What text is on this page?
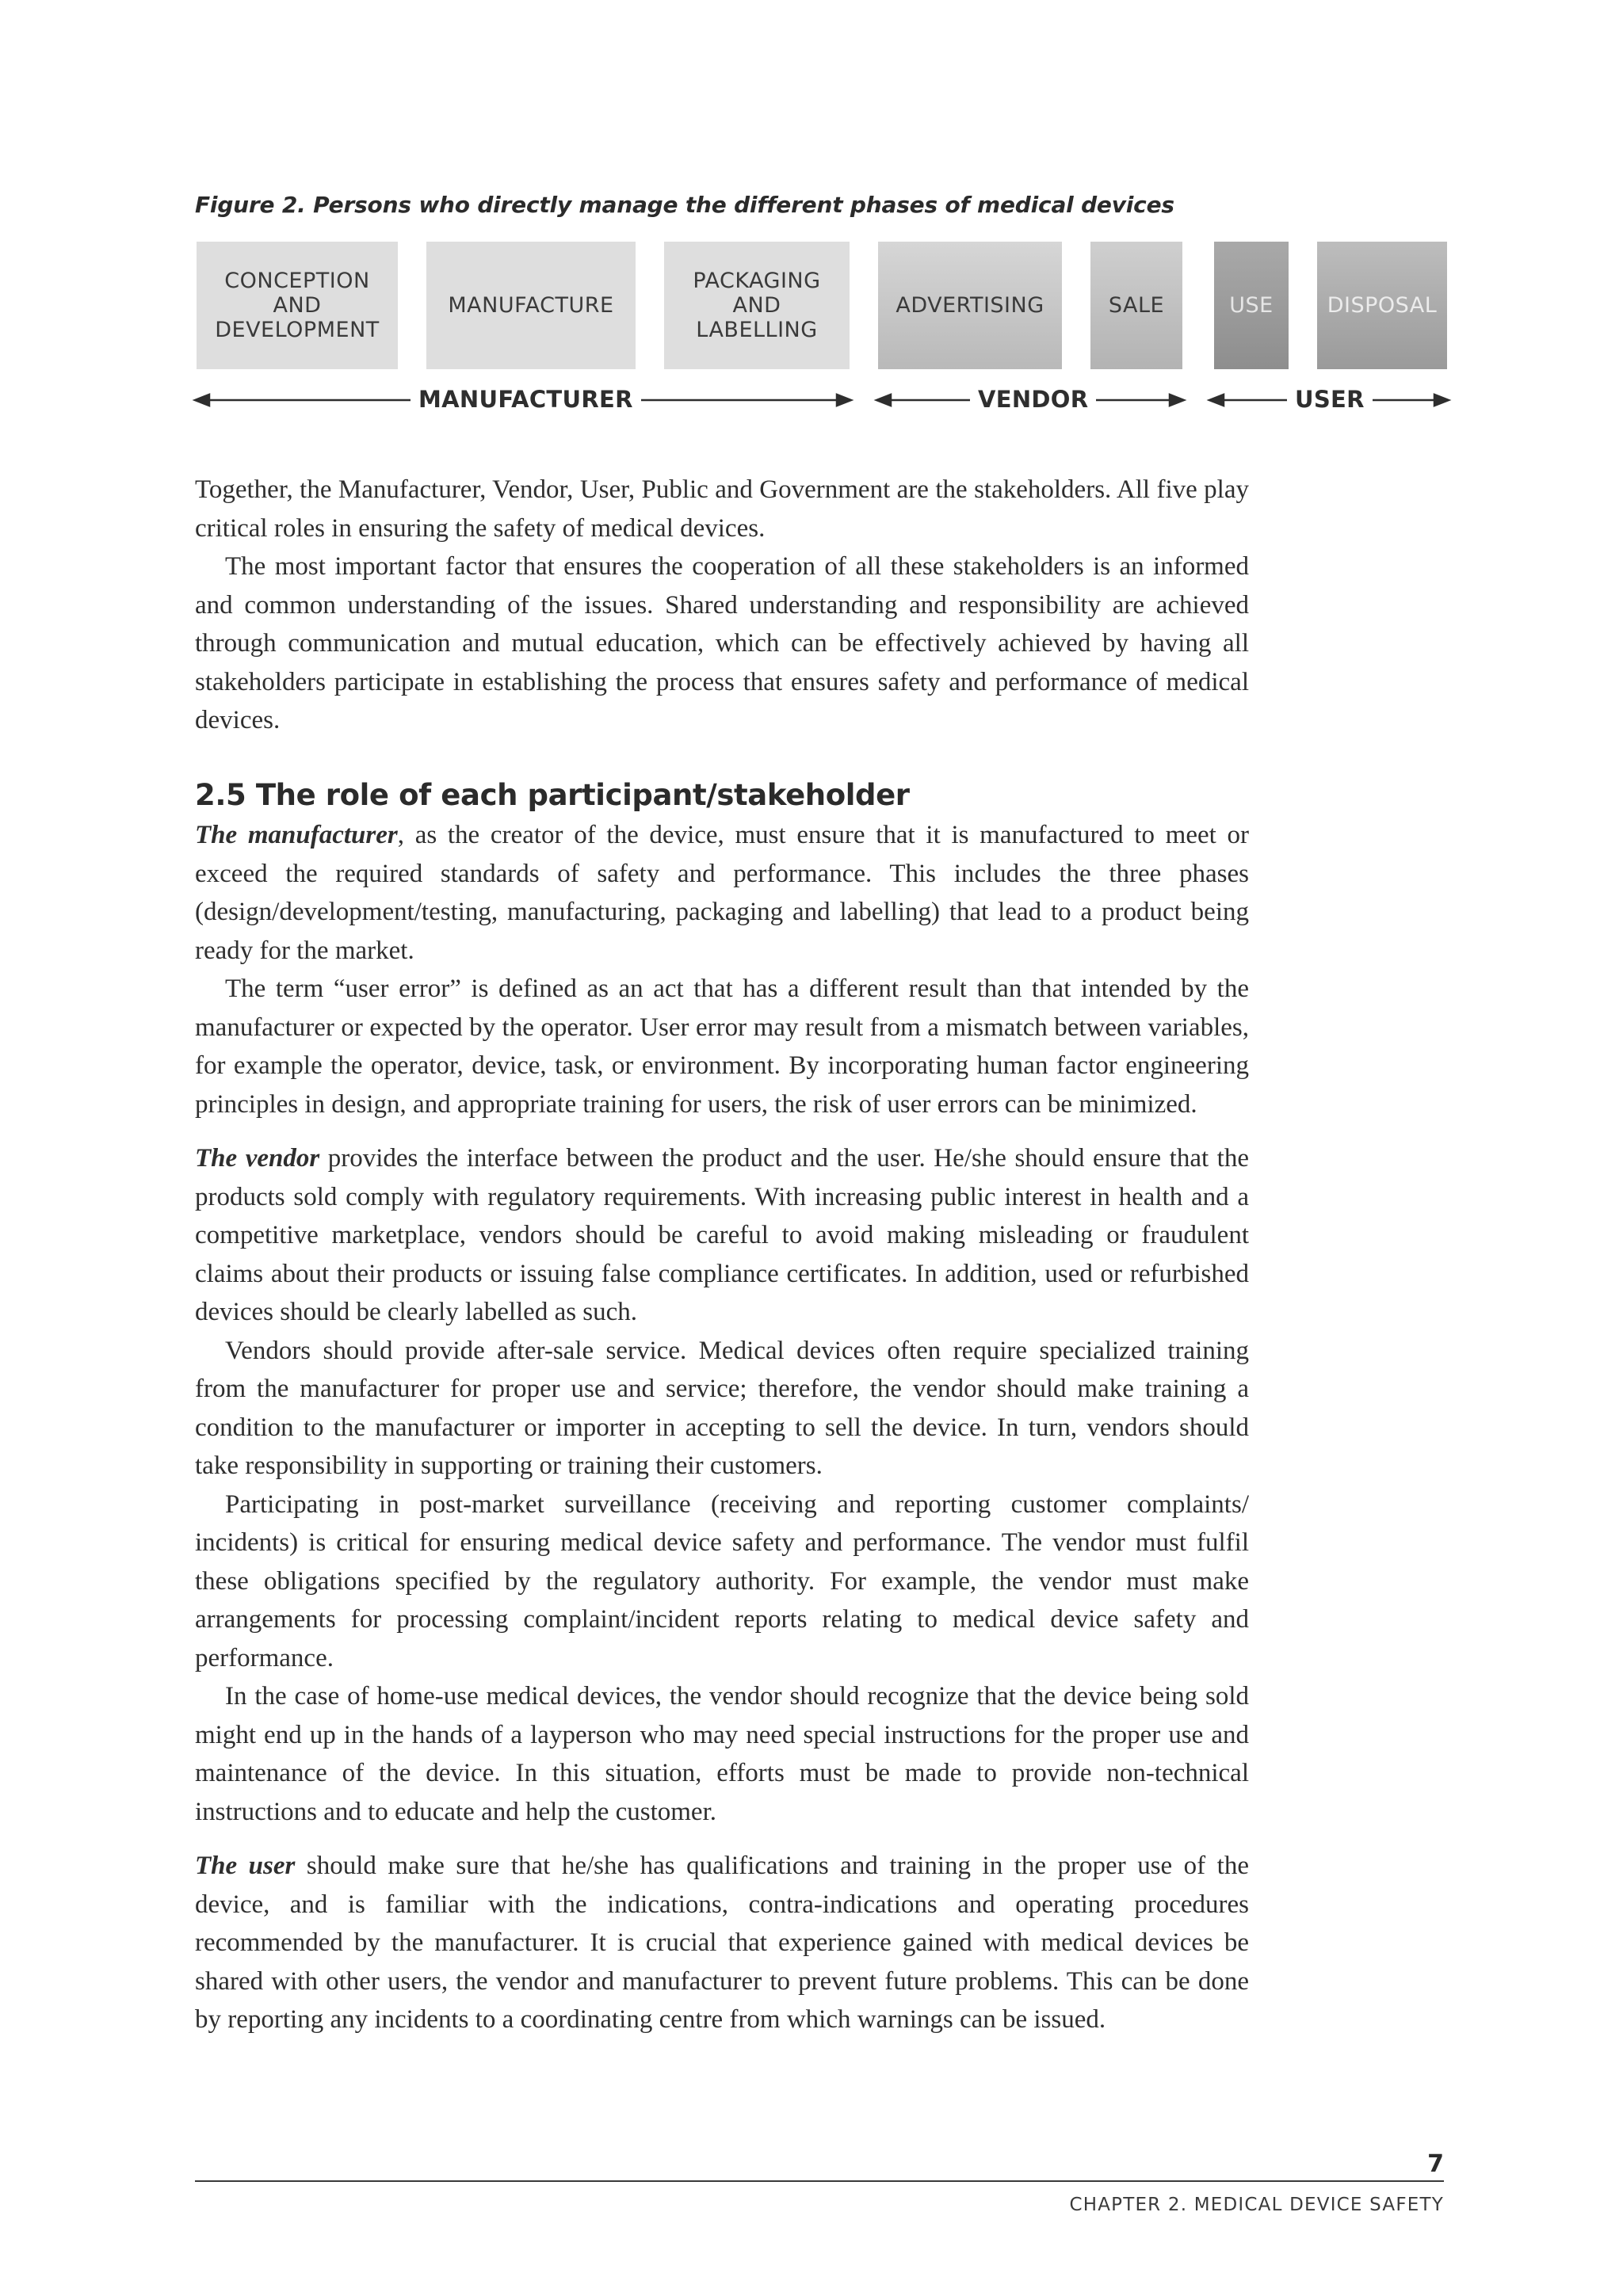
Figure 2. Persons who directly manage the different phases of medical devices
CONCEPTION
AND
DEVELOPMENT
MANUFACTURE
PACKAGING
AND
LABELLING
ADVERTISING	SALE	USE	DISPOSAL
MANUFACTURER	VENDOR	USER

Together, the Manufacturer, Vendor, User, Public and Government are the stakeholders. All five play critical roles in ensuring the safety of medical devices.

The most important factor that ensures the cooperation of all these stakeholders is an informed and common understanding of the issues. Shared understanding and responsibility are achieved through communication and mutual education, which can be effectively achieved by having all stakeholders participate in establishing the process that ensures safety and performance of medical devices.

2.5 The role of each participant/stakeholder

The manufacturer, as the creator of the device, must ensure that it is manufactured to meet or exceed the required standards of safety and performance. This includes the three phases (design/development/testing, manufacturing, packaging and labelling) that lead to a product being ready for the market.

The term “user error” is defined as an act that has a different result than that intended by the manufacturer or expected by the operator. User error may result from a mismatch between variables, for example the operator, device, task, or environment. By incorporating human factor engineering principles in design, and appropriate training for users, the risk of user errors can be minimized.

The vendor provides the interface between the product and the user. He/she should ensure that the products sold comply with regulatory requirements. With increasing public interest in health and a competitive marketplace, vendors should be careful to avoid making misleading or fraudulent claims about their products or issuing false compliance certificates. In addition, used or refurbished devices should be clearly labelled as such.

Vendors should provide after-sale service. Medical devices often require specialized training from the manufacturer for proper use and service; therefore, the vendor should make training a condition to the manufacturer or importer in accepting to sell the device. In turn, vendors should take responsibility in supporting or training their customers.

Participating in post-market surveillance (receiving and reporting customer complaints/ incidents) is critical for ensuring medical device safety and performance. The vendor must fulfil these obligations specified by the regulatory authority. For example, the vendor must make arrangements for processing complaint/incident reports relating to medical device safety and performance.

In the case of home-use medical devices, the vendor should recognize that the device being sold might end up in the hands of a layperson who may need special instructions for the proper use and maintenance of the device. In this situation, efforts must be made to provide non-technical instructions and to educate and help the customer.

The user should make sure that he/she has qualifications and training in the proper use of the device, and is familiar with the indications, contra-indications and operating procedures recommended by the manufacturer. It is crucial that experience gained with medical devices be shared with other users, the vendor and manufacturer to prevent future problems. This can be done by reporting any incidents to a coordinating centre from which warnings can be issued.

7
CHAPTER 2. MEDICAL DEVICE SAFETY
